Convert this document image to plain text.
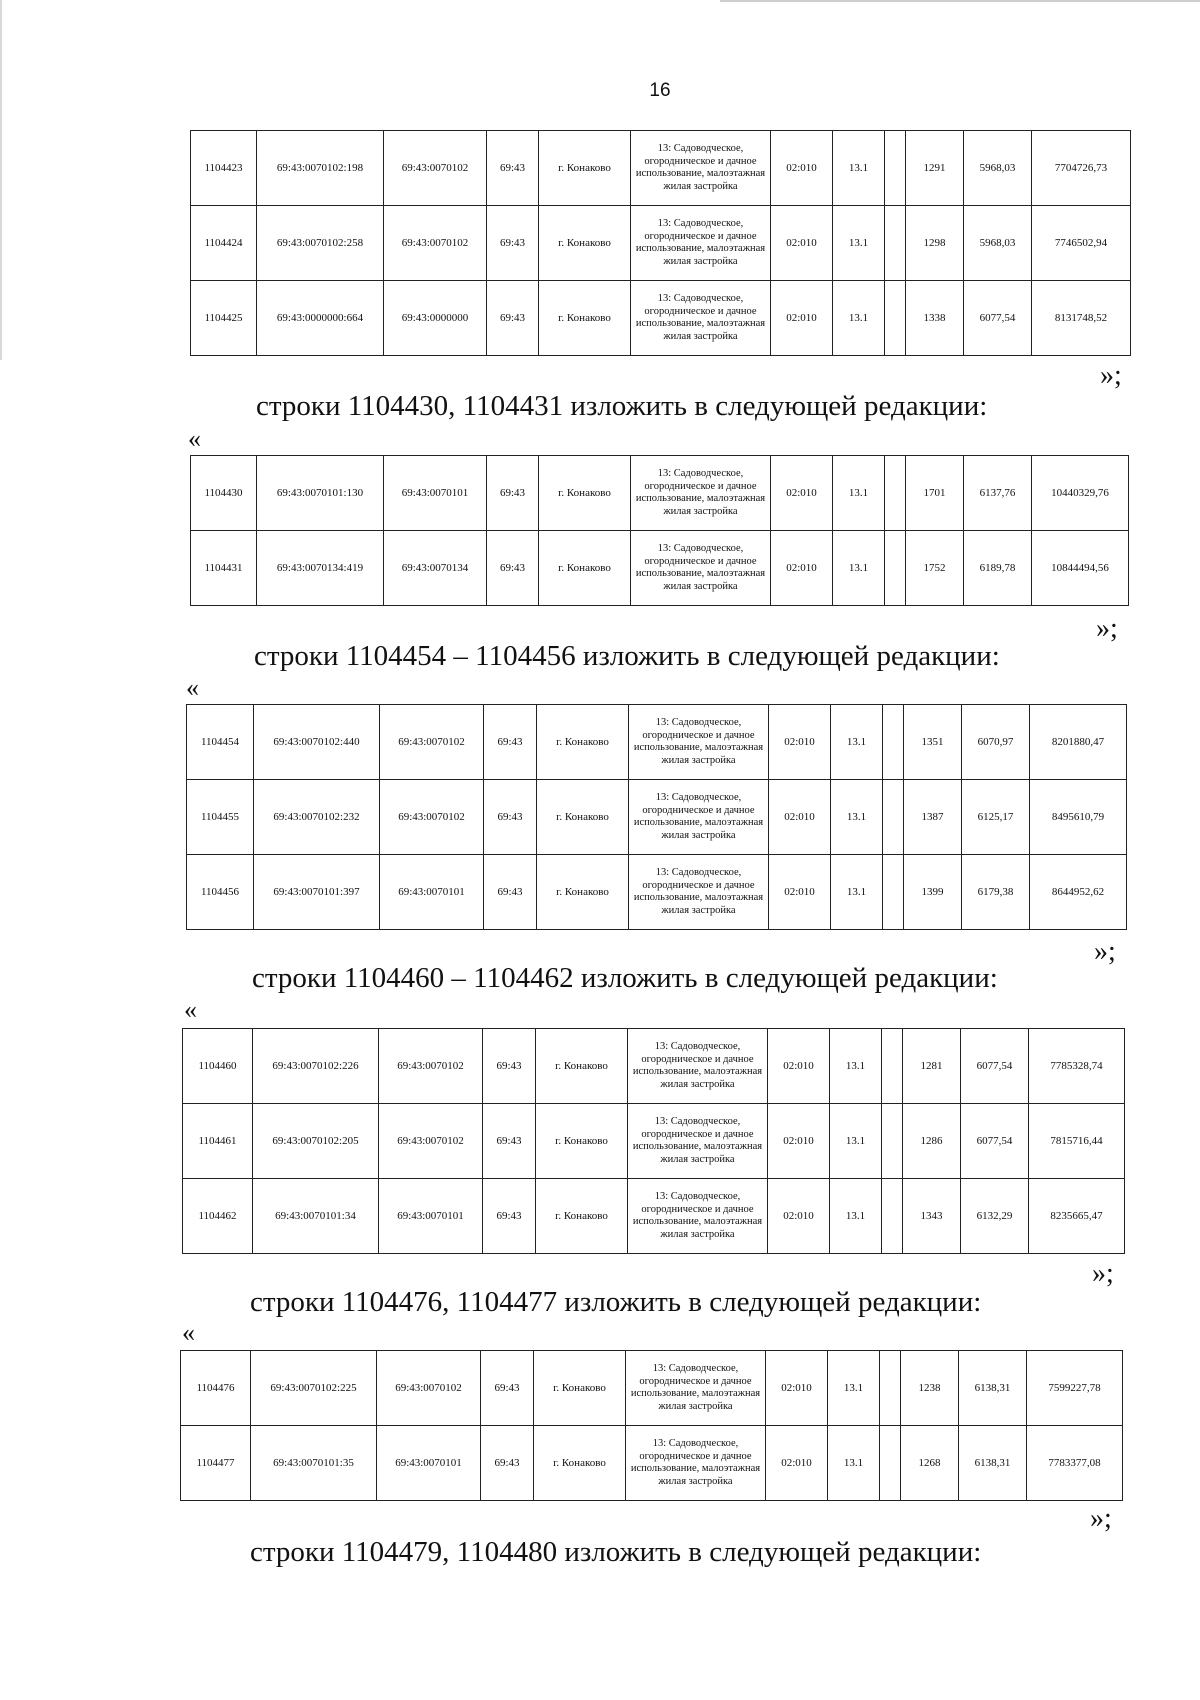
16
1104423	69:43:0070102:198	69:43:0070102	69:43	г. Конаково	13: Садоводческое, огородническое и дачное использование, малоэтажная жилая застройка	02:010	13.1		1291	5968,03	7704726,73
1104424	69:43:0070102:258	69:43:0070102	69:43	г. Конаково	13: Садоводческое, огородническое и дачное использование, малоэтажная жилая застройка	02:010	13.1		1298	5968,03	7746502,94
1104425	69:43:0000000:664	69:43:0000000	69:43	г. Конаково	13: Садоводческое, огородническое и дачное использование, малоэтажная жилая застройка	02:010	13.1		1338	6077,54	8131748,52
»;
строки 1104430, 1104431 изложить в следующей редакции:
«
1104430	69:43:0070101:130	69:43:0070101	69:43	г. Конаково	13: Садоводческое, огородническое и дачное использование, малоэтажная жилая застройка	02:010	13.1		1701	6137,76	10440329,76
1104431	69:43:0070134:419	69:43:0070134	69:43	г. Конаково	13: Садоводческое, огородническое и дачное использование, малоэтажная жилая застройка	02:010	13.1		1752	6189,78	10844494,56
»;
строки 1104454 – 1104456 изложить в следующей редакции:
«
1104454	69:43:0070102:440	69:43:0070102	69:43	г. Конаково	13: Садоводческое, огородническое и дачное использование, малоэтажная жилая застройка	02:010	13.1		1351	6070,97	8201880,47
1104455	69:43:0070102:232	69:43:0070102	69:43	г. Конаково	13: Садоводческое, огородническое и дачное использование, малоэтажная жилая застройка	02:010	13.1		1387	6125,17	8495610,79
1104456	69:43:0070101:397	69:43:0070101	69:43	г. Конаково	13: Садоводческое, огородническое и дачное использование, малоэтажная жилая застройка	02:010	13.1		1399	6179,38	8644952,62
»;
строки 1104460 – 1104462 изложить в следующей редакции:
«
1104460	69:43:0070102:226	69:43:0070102	69:43	г. Конаково	13: Садоводческое, огородническое и дачное использование, малоэтажная жилая застройка	02:010	13.1		1281	6077,54	7785328,74
1104461	69:43:0070102:205	69:43:0070102	69:43	г. Конаково	13: Садоводческое, огородническое и дачное использование, малоэтажная жилая застройка	02:010	13.1		1286	6077,54	7815716,44
1104462	69:43:0070101:34	69:43:0070101	69:43	г. Конаково	13: Садоводческое, огородническое и дачное использование, малоэтажная жилая застройка	02:010	13.1		1343	6132,29	8235665,47
»;
строки 1104476, 1104477 изложить в следующей редакции:
«
1104476	69:43:0070102:225	69:43:0070102	69:43	г. Конаково	13: Садоводческое, огородническое и дачное использование, малоэтажная жилая застройка	02:010	13.1		1238	6138,31	7599227,78
1104477	69:43:0070101:35	69:43:0070101	69:43	г. Конаково	13: Садоводческое, огородническое и дачное использование, малоэтажная жилая застройка	02:010	13.1		1268	6138,31	7783377,08
»;
строки 1104479, 1104480 изложить в следующей редакции:
